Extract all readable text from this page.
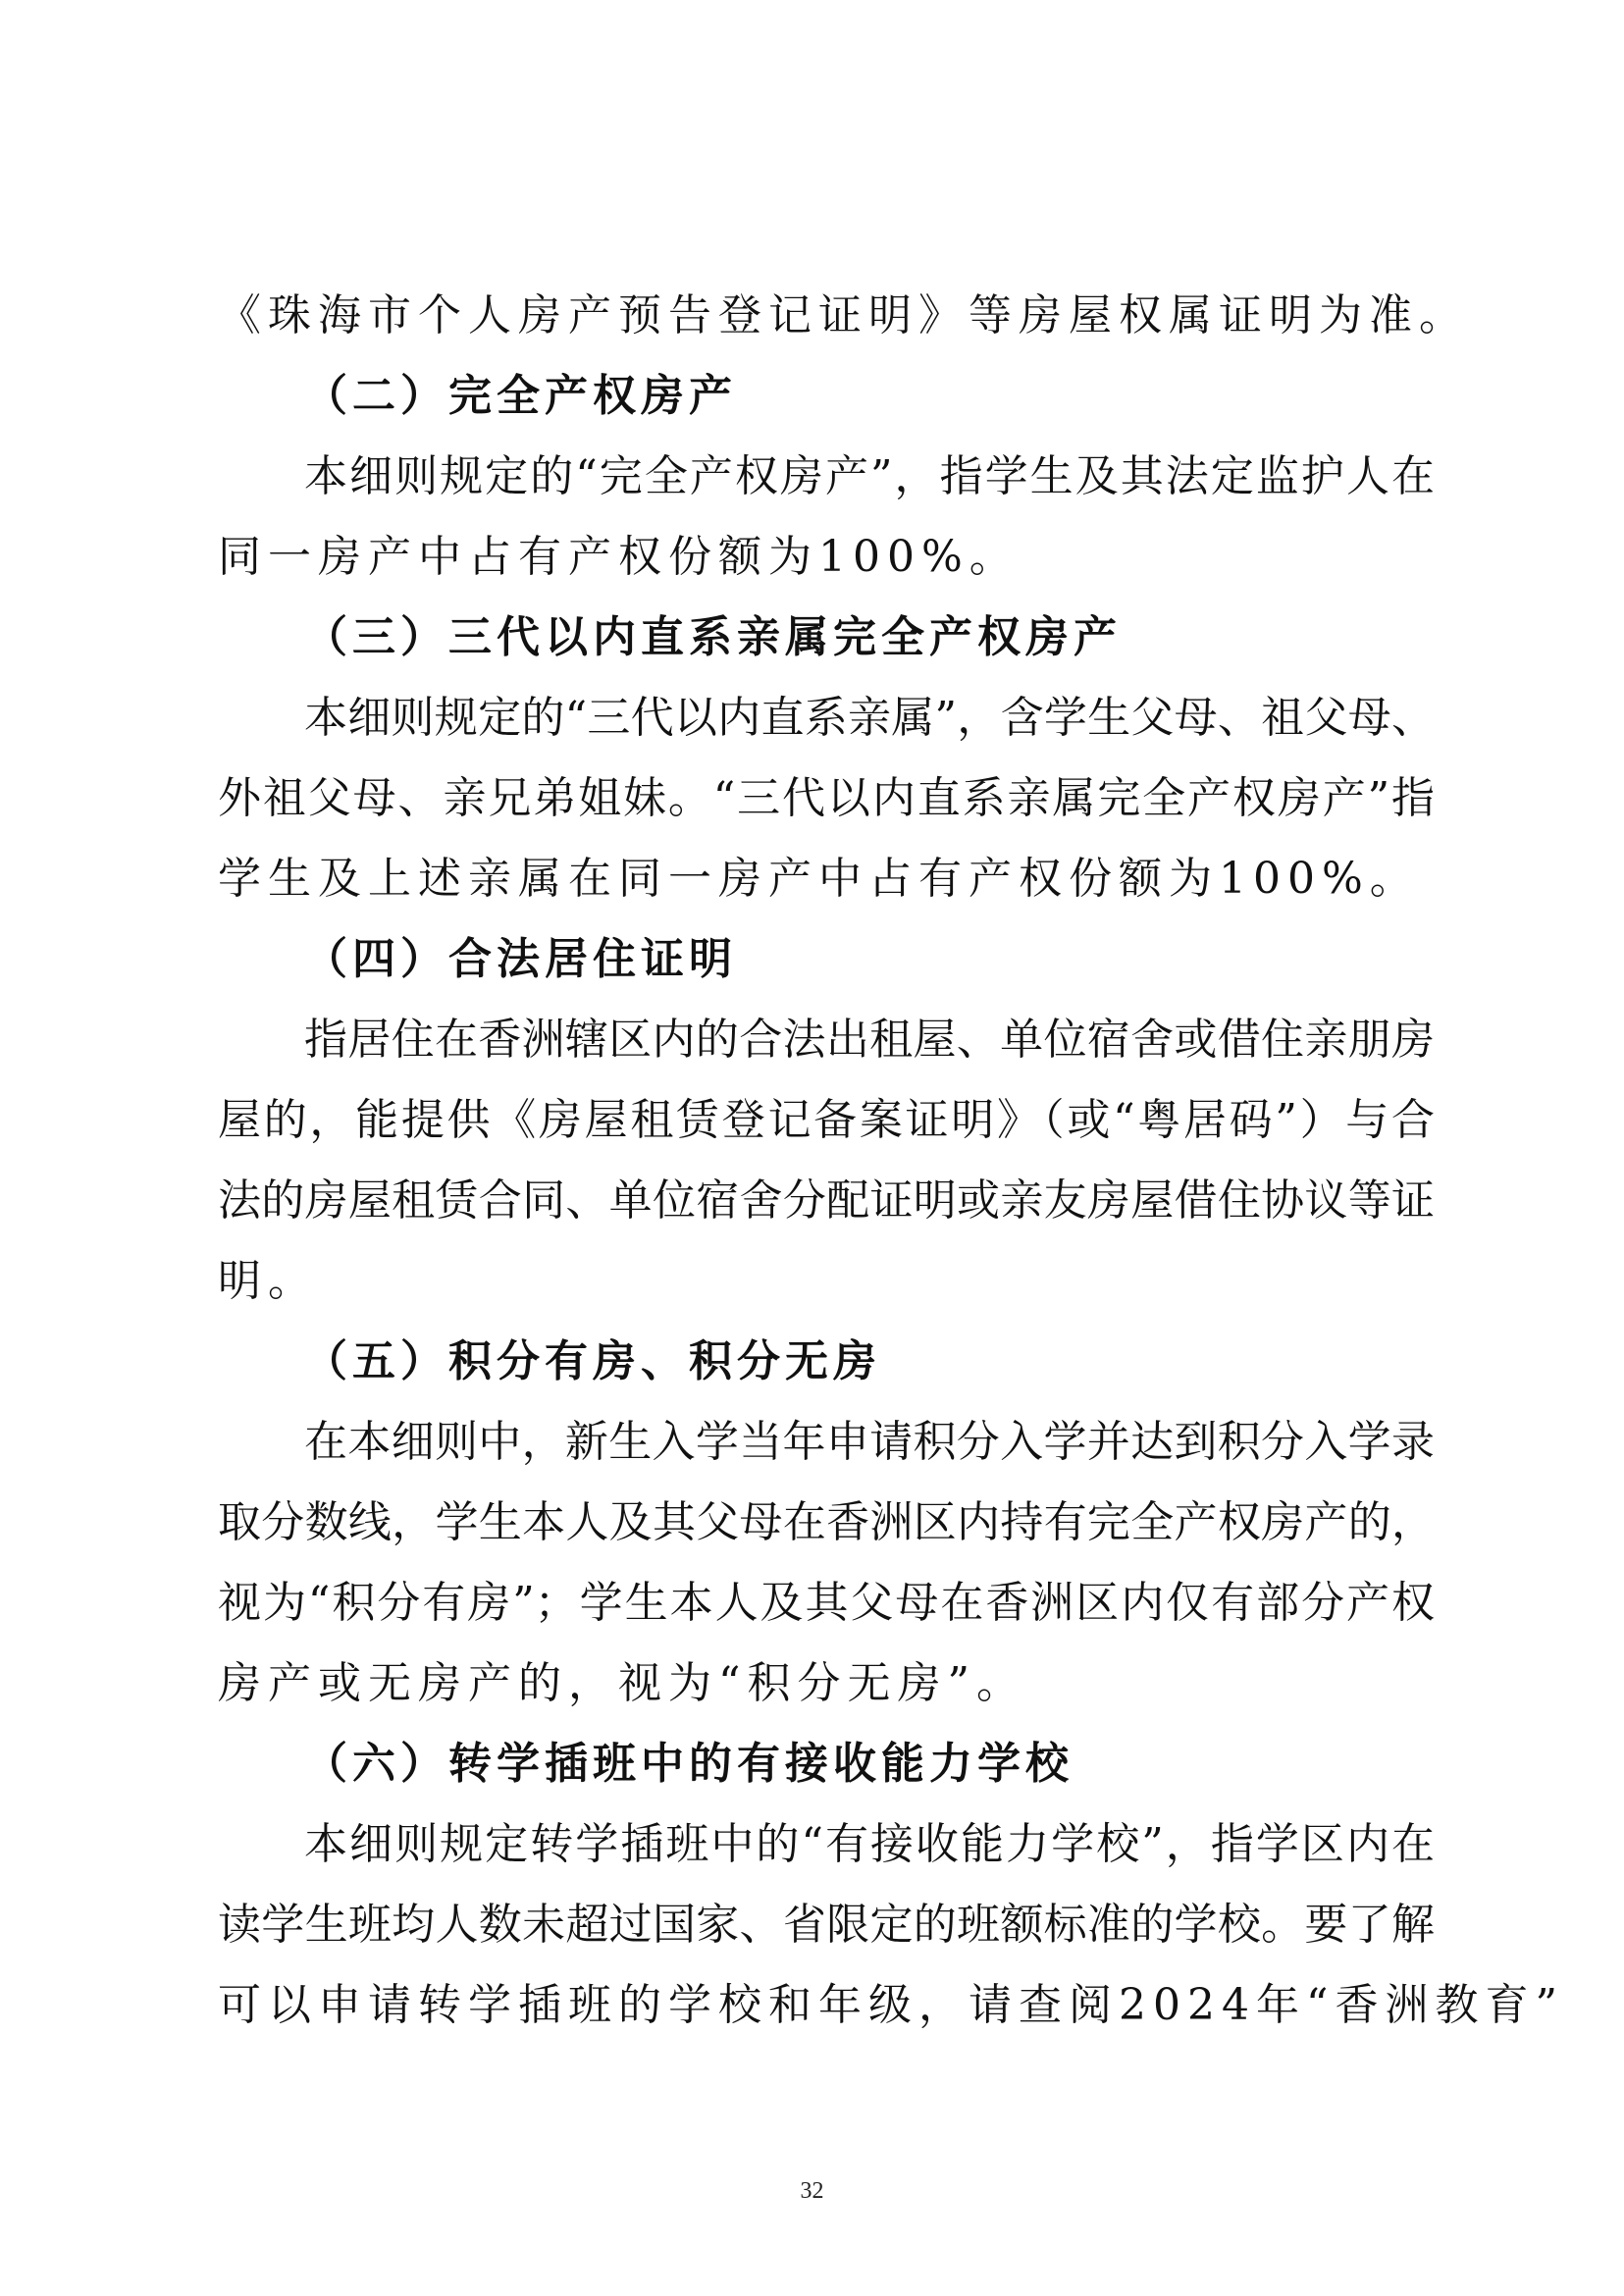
《珠海市个人房产预告登记证明》等房屋权属证明为准。
（二）完全产权房产
本细则规定的“完全产权房产”，指学生及其法定监护人在
同一房产中占有产权份额为100%。
（三）三代以内直系亲属完全产权房产
本细则规定的“三代以内直系亲属”，含学生父母、祖父母、
外祖父母、亲兄弟姐妹。“三代以内直系亲属完全产权房产”指
学生及上述亲属在同一房产中占有产权份额为100%。
（四）合法居住证明
指居住在香洲辖区内的合法出租屋、单位宿舍或借住亲朋房
屋的，能提供《房屋租赁登记备案证明》（或“粤居码”）与合
法的房屋租赁合同、单位宿舍分配证明或亲友房屋借住协议等证
明。
（五）积分有房、积分无房
在本细则中，新生入学当年申请积分入学并达到积分入学录
取分数线，学生本人及其父母在香洲区内持有完全产权房产的，
视为“积分有房”；学生本人及其父母在香洲区内仅有部分产权
房产或无房产的，视为“积分无房”。
（六）转学插班中的有接收能力学校
本细则规定转学插班中的“有接收能力学校”，指学区内在
读学生班均人数未超过国家、省限定的班额标准的学校。要了解
可以申请转学插班的学校和年级，请查阅2024年“香洲教育”
32
